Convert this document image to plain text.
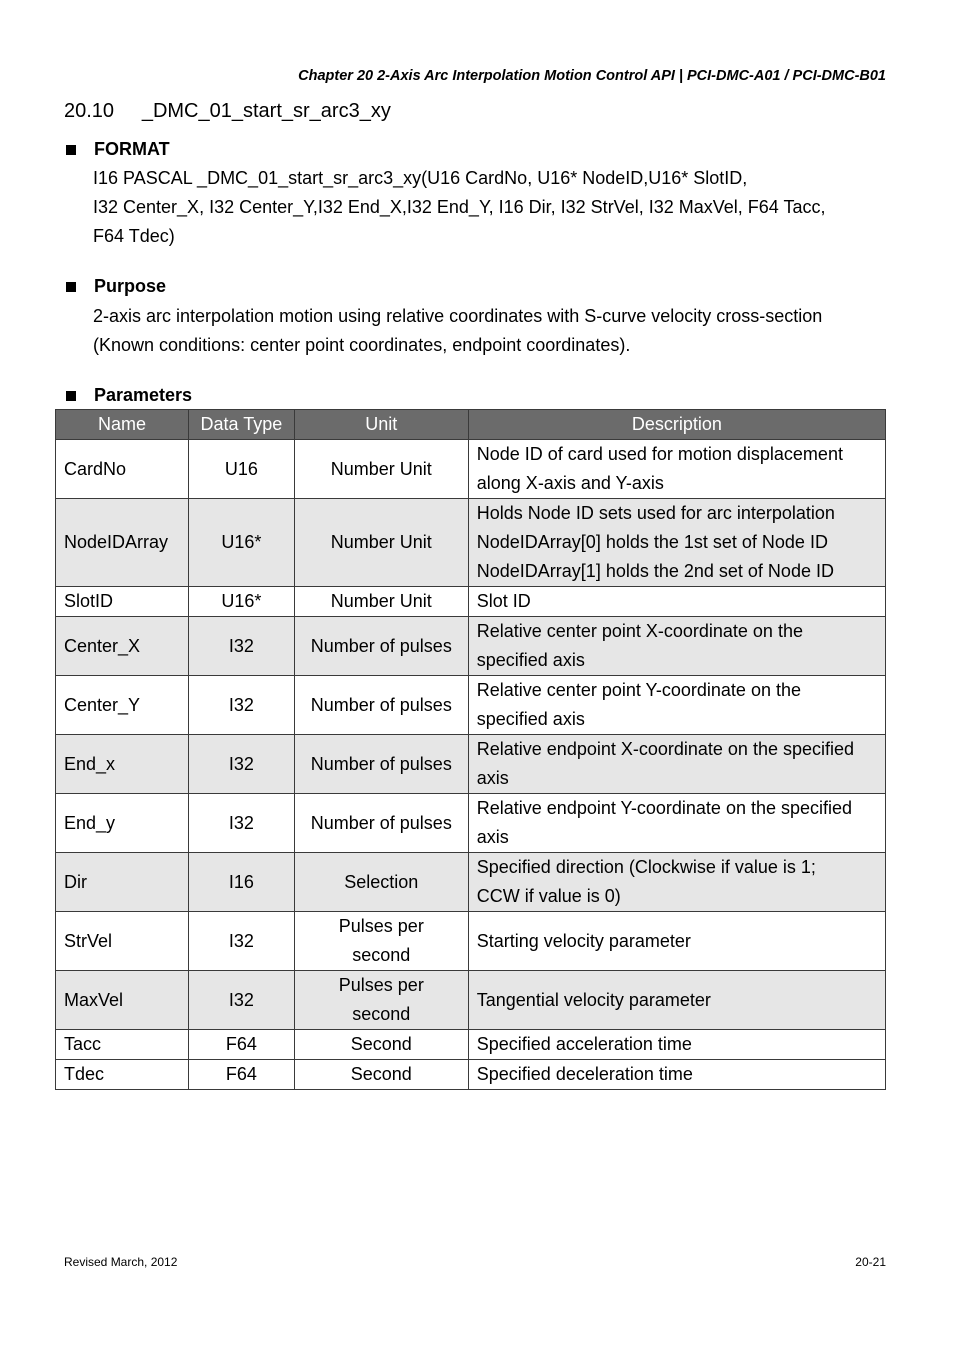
Chapter 20 2-Axis Arc Interpolation Motion Control API | PCI-DMC-A01 / PCI-DMC-B01
20.10     _DMC_01_start_sr_arc3_xy
FORMAT
I16 PASCAL _DMC_01_start_sr_arc3_xy(U16 CardNo, U16* NodeID,U16* SlotID,
I32 Center_X, I32 Center_Y,I32 End_X,I32 End_Y, I16 Dir, I32 StrVel, I32 MaxVel, F64 Tacc,
F64 Tdec)
Purpose
2-axis arc interpolation motion using relative coordinates with S-curve velocity cross-section
(Known conditions: center point coordinates, endpoint coordinates).
Parameters
Name	Data Type	Unit	Description
CardNo	U16	Number Unit	Node ID of card used for motion displacement
along X-axis and Y-axis

NodeIDArray	U16*	Number Unit	Holds Node ID sets used for arc interpolation
NodeIDArray[0] holds the 1st set of Node ID
NodeIDArray[1] holds the 2nd set of Node ID

SlotID	U16*	Number Unit	Slot ID

Center_X	I32	Number of pulses	Relative center point X-coordinate on the
specified axis

Center_Y	I32	Number of pulses	Relative center point Y-coordinate on the
specified axis

End_x	I32	Number of pulses	Relative endpoint X-coordinate on the specified
axis

End_y	I32	Number of pulses	Relative endpoint Y-coordinate on the specified
axis

Dir	I16	Selection	Specified direction (Clockwise if value is 1;
CCW if value is 0)

StrVel	I32	Pulses per second	Starting velocity parameter

MaxVel	I32	Pulses per second	Tangential velocity parameter

Tacc	F64	Second	Specified acceleration time

Tdec	F64	Second	Specified deceleration time
Revised March, 2012	20-21
